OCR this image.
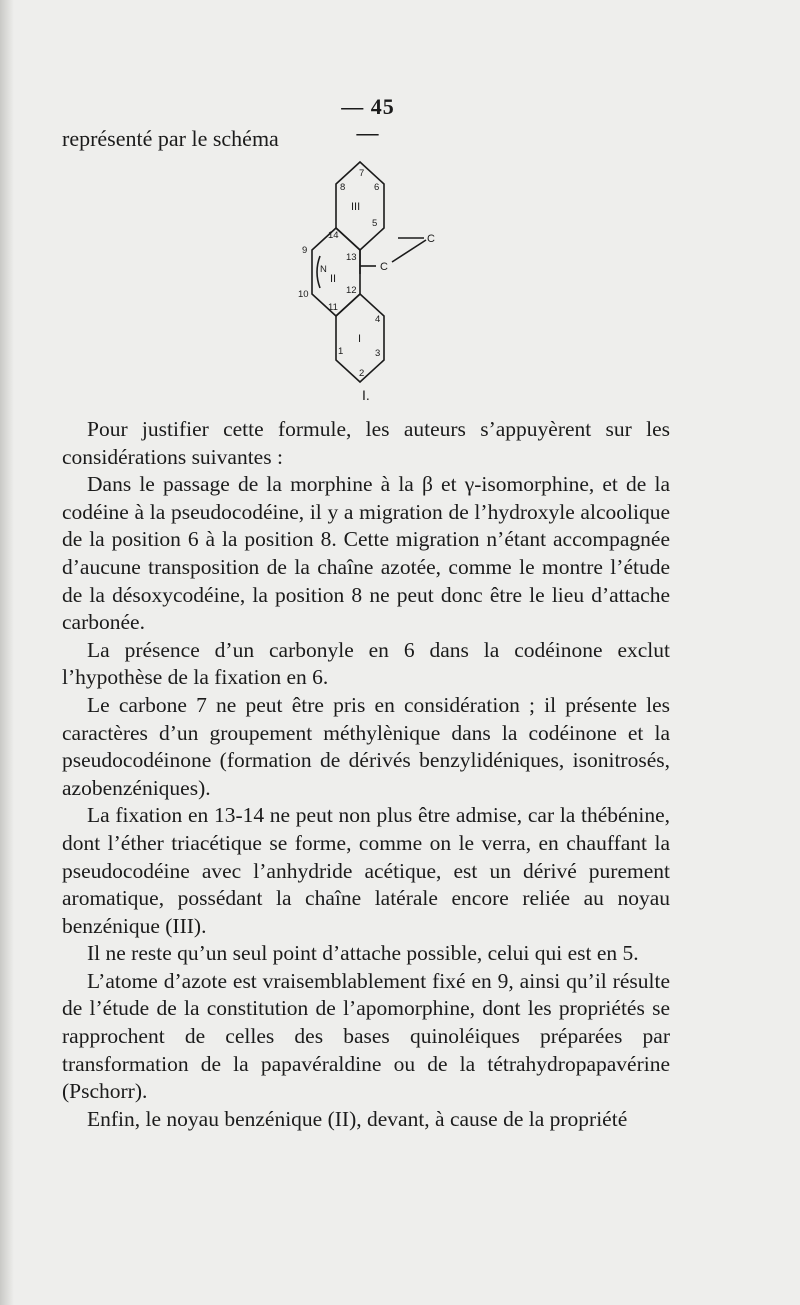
— 45 —
représenté par le schéma
7
8	6
5
14
13
9
10
N
12
11
4
1	3
2
III
II
I
C
C
I.

Pour justifier cette formule, les auteurs s’appuyèrent sur les considérations suivantes :

Dans le passage de la morphine à la β et γ-isomorphine, et de la codéine à la pseudocodéine, il y a migration de l’hydroxyle alcoolique de la position 6 à la position 8. Cette migration n’étant accompagnée d’aucune transposition de la chaîne azotée, comme le montre l’étude de la désoxycodéine, la position 8 ne peut donc être le lieu d’attache carbonée.

La présence d’un carbonyle en 6 dans la codéinone exclut l’hypothèse de la fixation en 6.

Le carbone 7 ne peut être pris en considération ; il présente les caractères d’un groupement méthylènique dans la codéinone et la pseudocodéinone (formation de dérivés benzylidéniques, isonitrosés, azobenzéniques).

La fixation en 13-14 ne peut non plus être admise, car la thébénine, dont l’éther triacétique se forme, comme on le verra, en chauffant la pseudocodéine avec l’anhydride acétique, est un dérivé purement aromatique, possédant la chaîne latérale encore reliée au noyau benzénique (III).

Il ne reste qu’un seul point d’attache possible, celui qui est en 5.

L’atome d’azote est vraisemblablement fixé en 9, ainsi qu’il résulte de l’étude de la constitution de l’apomorphine, dont les propriétés se rapprochent de celles des bases quinoléiques préparées par transformation de la papavéraldine ou de la tétrahydropapavérine (Pschorr).

Enfin, le noyau benzénique (II), devant, à cause de la propriété
